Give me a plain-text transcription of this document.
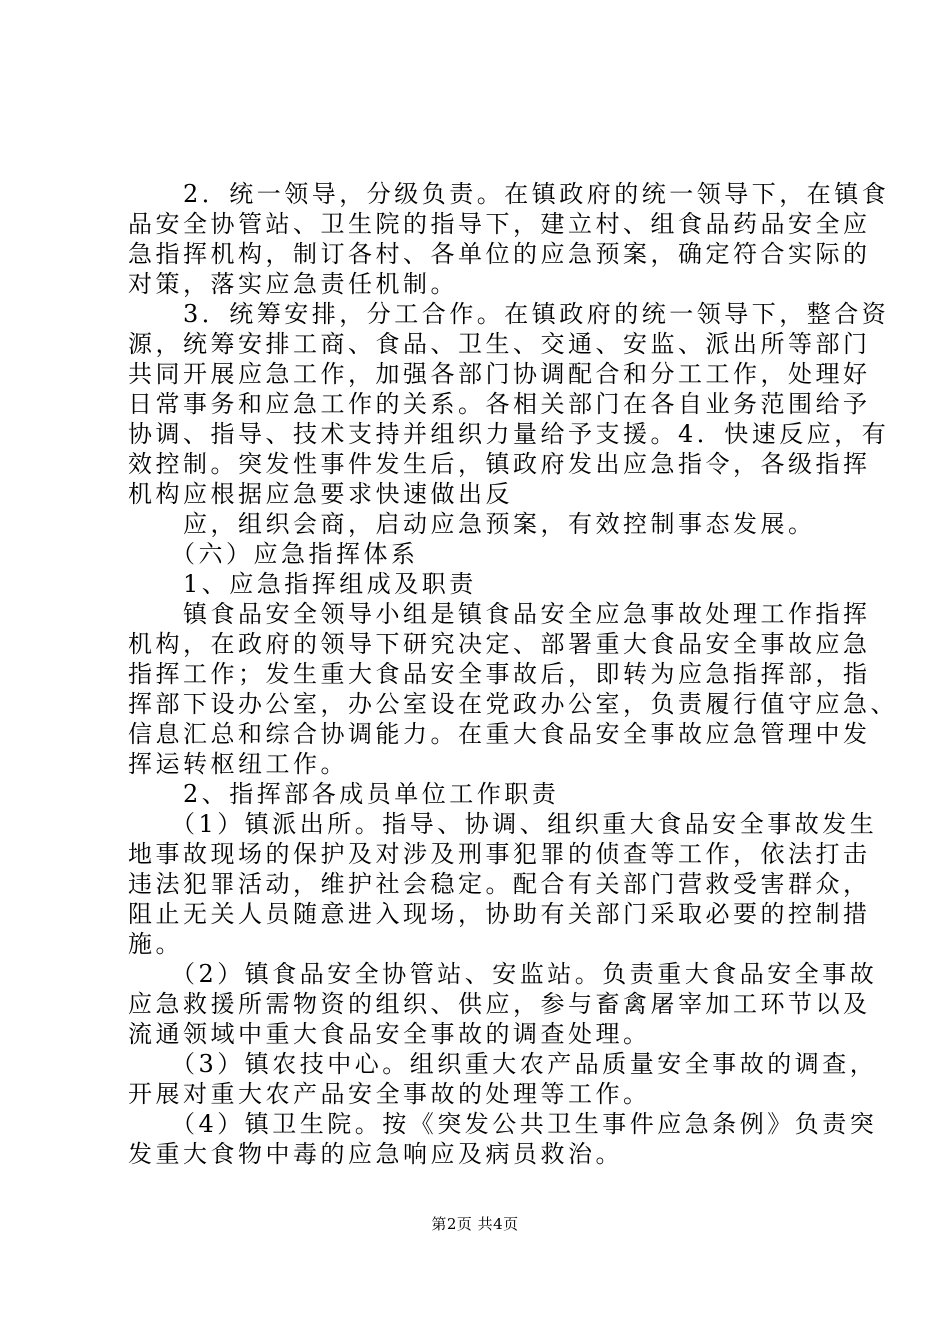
　　2．统一领导，分级负责。在镇政府的统一领导下，在镇食
品安全协管站、卫生院的指导下，建立村、组食品药品安全应
急指挥机构，制订各村、各单位的应急预案，确定符合实际的
对策，落实应急责任机制。
　　3．统筹安排，分工合作。在镇政府的统一领导下，整合资
源，统筹安排工商、食品、卫生、交通、安监、派出所等部门
共同开展应急工作，加强各部门协调配合和分工工作，处理好
日常事务和应急工作的关系。各相关部门在各自业务范围给予
协调、指导、技术支持并组织力量给予支援。4．快速反应，有
效控制。突发性事件发生后，镇政府发出应急指令，各级指挥
机构应根据应急要求快速做出反
　　应，组织会商，启动应急预案，有效控制事态发展。
　　（六）应急指挥体系
　　1、应急指挥组成及职责
　　镇食品安全领导小组是镇食品安全应急事故处理工作指挥
机构，在政府的领导下研究决定、部署重大食品安全事故应急
指挥工作；发生重大食品安全事故后，即转为应急指挥部，指
挥部下设办公室，办公室设在党政办公室，负责履行值守应急、
信息汇总和综合协调能力。在重大食品安全事故应急管理中发
挥运转枢纽工作。
　　2、指挥部各成员单位工作职责
　　（1）镇派出所。指导、协调、组织重大食品安全事故发生
地事故现场的保护及对涉及刑事犯罪的侦查等工作，依法打击
违法犯罪活动，维护社会稳定。配合有关部门营救受害群众，
阻止无关人员随意进入现场，协助有关部门采取必要的控制措
施。
　　（2）镇食品安全协管站、安监站。负责重大食品安全事故
应急救援所需物资的组织、供应，参与畜禽屠宰加工环节以及
流通领域中重大食品安全事故的调查处理。
　　（3）镇农技中心。组织重大农产品质量安全事故的调查，
开展对重大农产品安全事故的处理等工作。
　　（4）镇卫生院。按《突发公共卫生事件应急条例》负责突
发重大食物中毒的应急响应及病员救治。
第2页 共4页
